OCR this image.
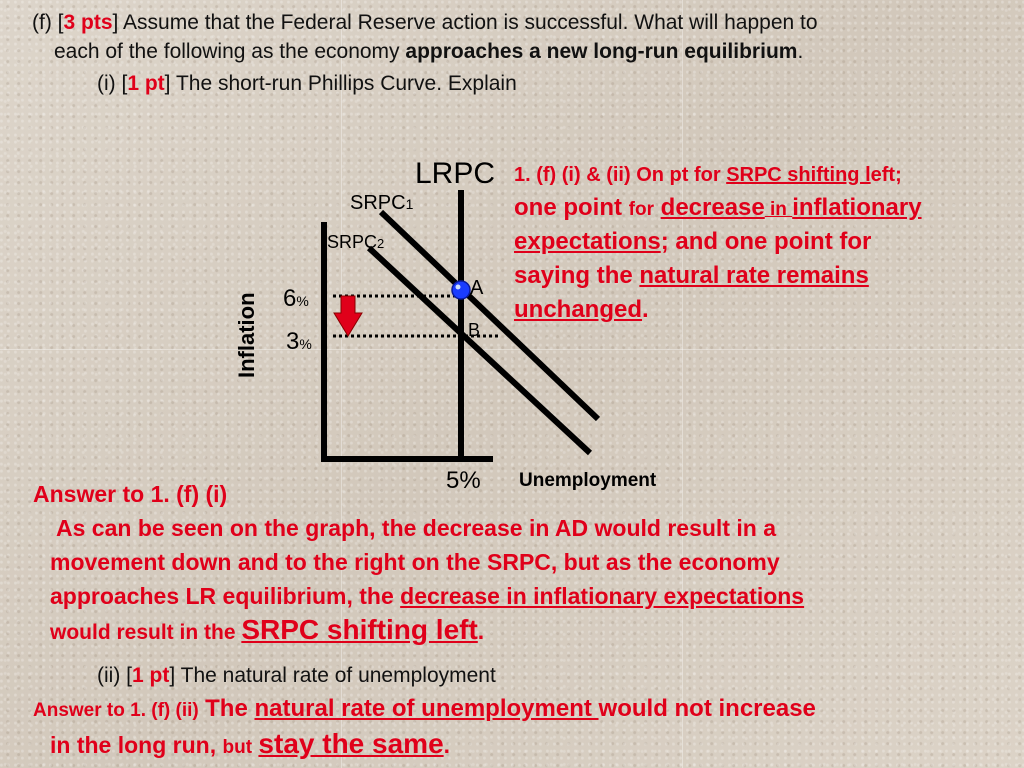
(f) [3 pts] Assume that the Federal Reserve action is successful. What will happen to
each of the following as the economy approaches a new long-run equilibrium.
(i) [1 pt] The short-run Phillips Curve. Explain
LRPC
SRPC1
SRPC2
6%
3%
A
B
5% Unemployment
Inflation
1. (f) (i) & (ii) On pt for SRPC shifting left;
one point for decrease in inflationary
expectations; and one point for
saying the natural rate remains
unchanged.
Answer to 1. (f) (i)
As can be seen on the graph, the decrease in AD would result in a
movement down and to the right on the SRPC, but as the economy
approaches LR equilibrium, the decrease in inflationary expectations
would result in the SRPC shifting left.
(ii) [1 pt] The natural rate of unemployment
Answer to 1. (f) (ii) The natural rate of unemployment would not increase
in the long run, but stay the same.
